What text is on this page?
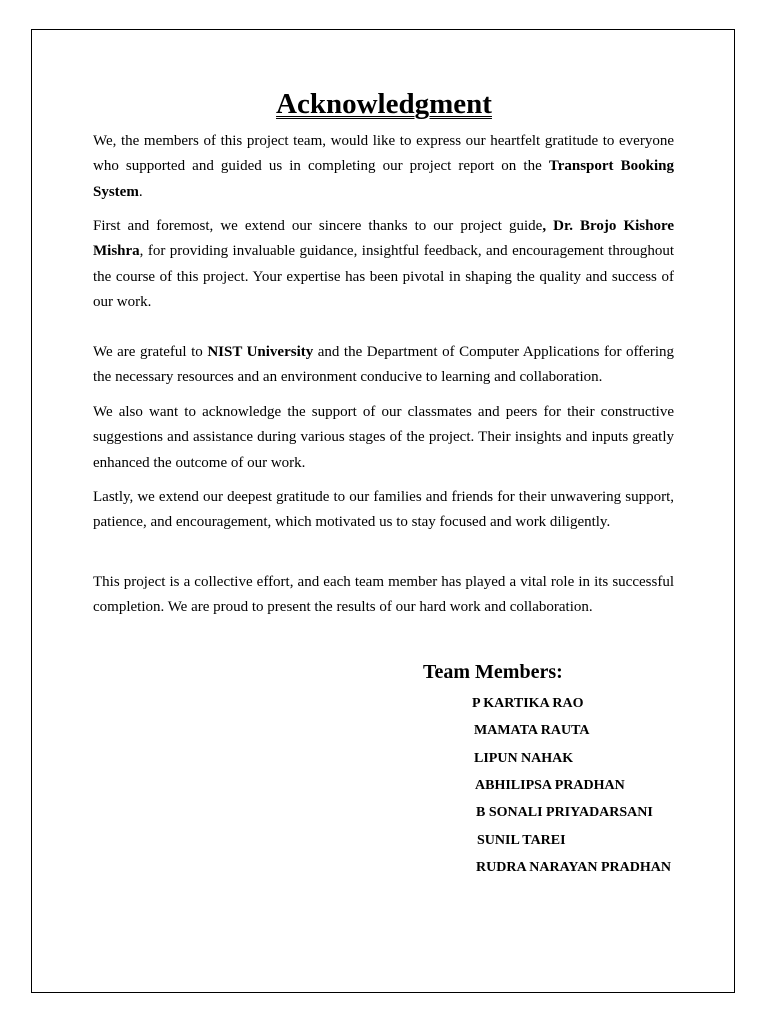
Acknowledgment

We, the members of this project team, would like to express our heartfelt gratitude to everyone who supported and guided us in completing our project report on the Transport Booking System.

First and foremost, we extend our sincere thanks to our project guide, Dr. Brojo Kishore Mishra, for providing invaluable guidance, insightful feedback, and encouragement throughout the course of this project. Your expertise has been pivotal in shaping the quality and success of our work.

We are grateful to NIST University and the Department of Computer Applications for offering the necessary resources and an environment conducive to learning and collaboration.

We also want to acknowledge the support of our classmates and peers for their constructive suggestions and assistance during various stages of the project. Their insights and inputs greatly enhanced the outcome of our work.

Lastly, we extend our deepest gratitude to our families and friends for their unwavering support, patience, and encouragement, which motivated us to stay focused and work diligently.

This project is a collective effort, and each team member has played a vital role in its successful completion. We are proud to present the results of our hard work and collaboration.

Team Members:
P KARTIKA RAO
MAMATA RAUTA
LIPUN NAHAK
ABHILIPSA PRADHAN
B SONALI PRIYADARSANI
SUNIL TAREI
RUDRA NARAYAN PRADHAN
